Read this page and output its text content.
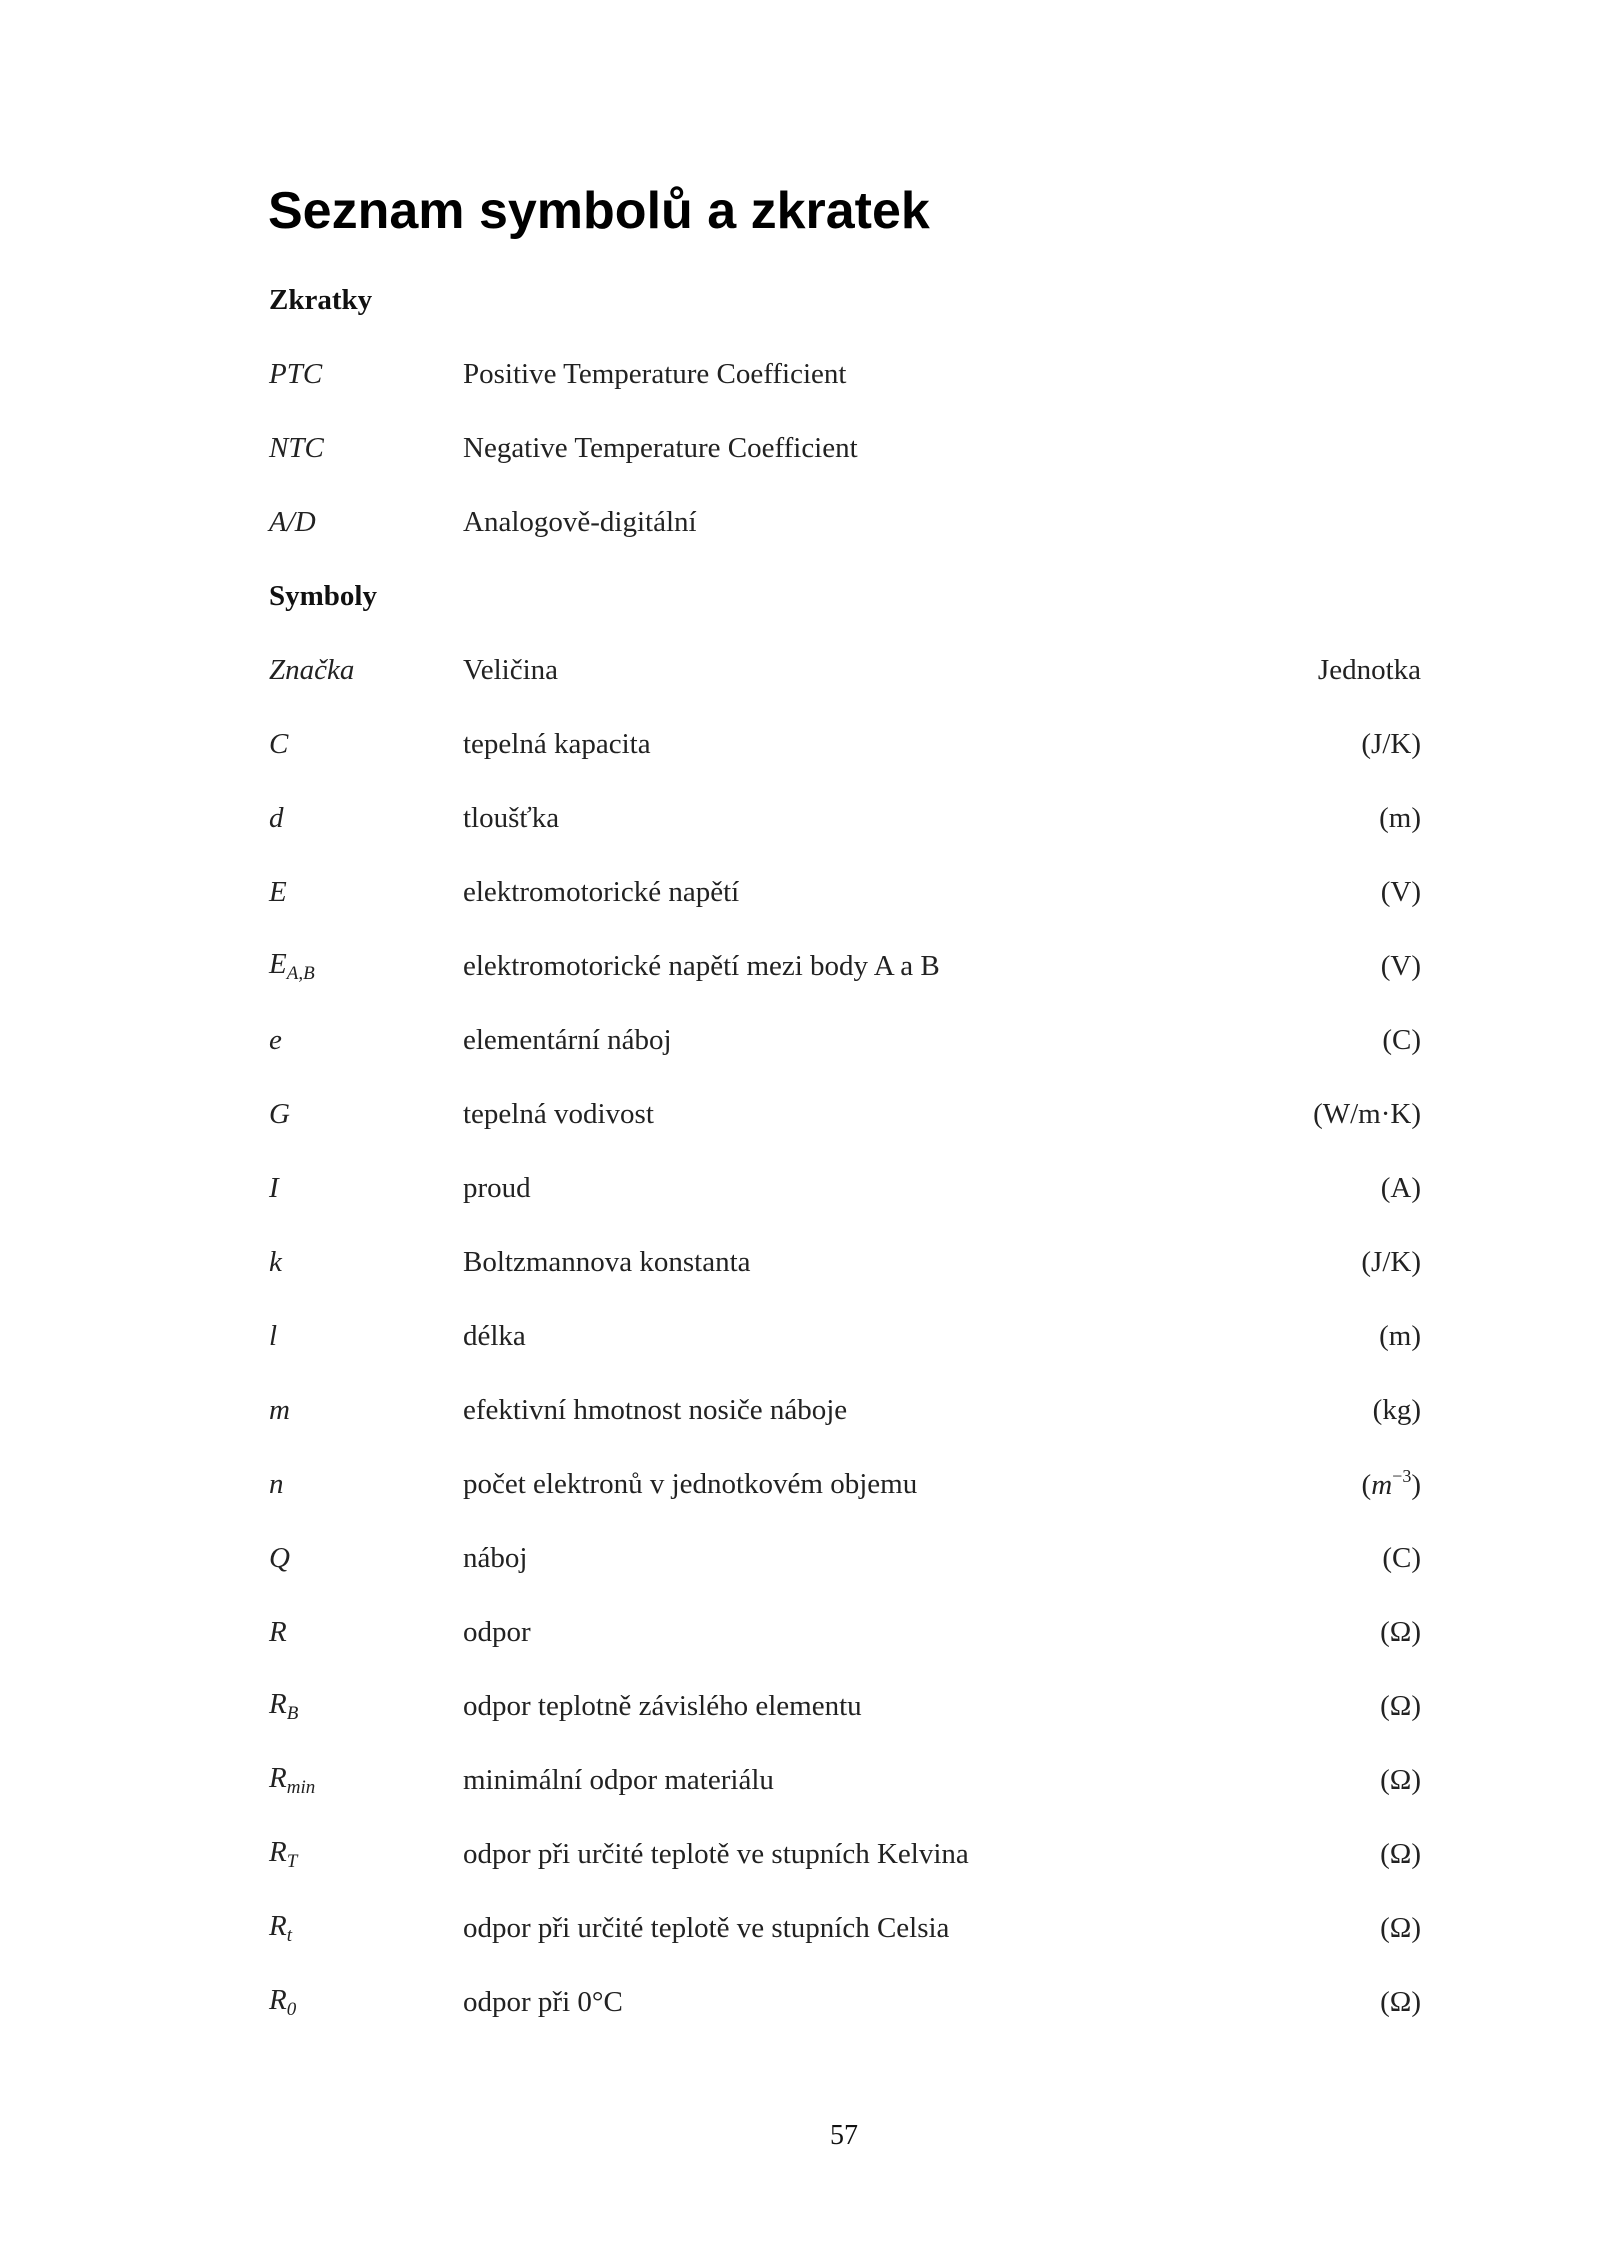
Seznam symbolů a zkratek
Zkratky
PTC	Positive Temperature Coefficient
NTC	Negative Temperature Coefficient
A/D	Analogově-digitální
Symboly
Značka	Veličina	Jednotka
C	tepelná kapacita	(J/K)
d	tloušťka	(m)
E	elektromotorické napětí	(V)
$E_{A,B}$	elektromotorické napětí mezi body A a B	(V)
e	elementární náboj	(C)
G	tepelná vodivost	(W/m·K)
I	proud	(A)
k	Boltzmannova konstanta	(J/K)
l	délka	(m)
m	efektivní hmotnost nosiče náboje	(kg)
n	počet elektronů v jednotkovém objemu	$(m^{-3})$
Q	náboj	(C)
R	odpor	(Ω)
$R_B$	odpor teplotně závislého elementu	(Ω)
$R_{min}$	minimální odpor materiálu	(Ω)
$R_T$	odpor při určité teplotě ve stupních Kelvina	(Ω)
$R_t$	odpor při určité teplotě ve stupních Celsia	(Ω)
$R_0$	odpor při 0°C	(Ω)
57
